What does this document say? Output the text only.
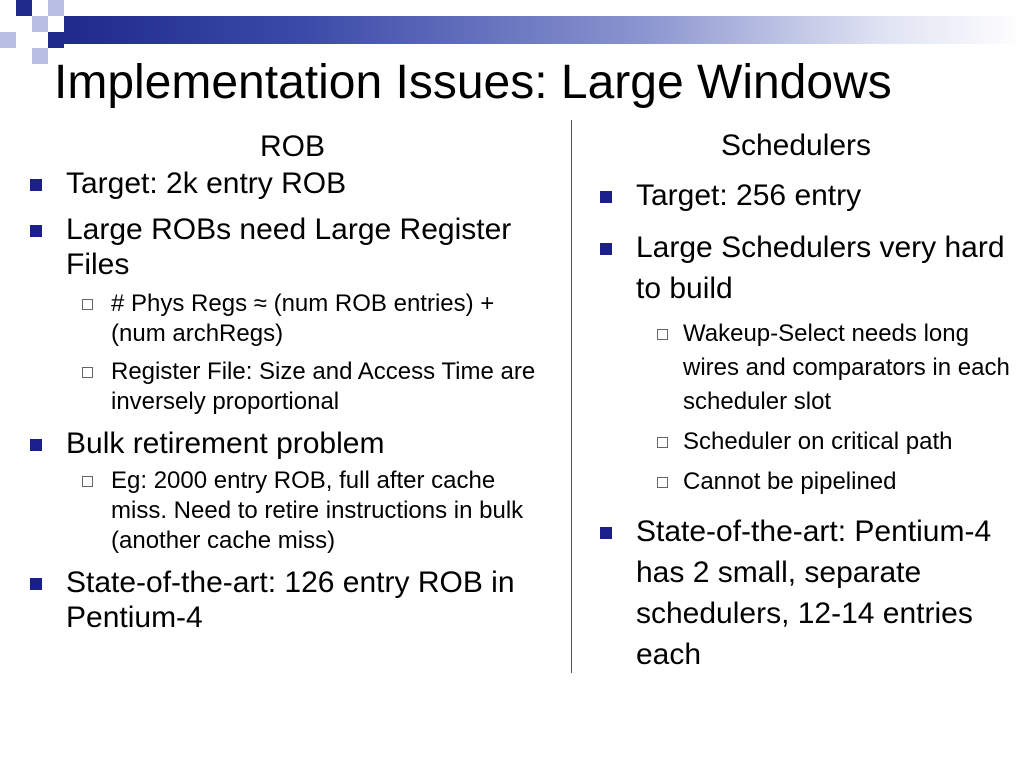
Implementation Issues: Large Windows
ROB
Target: 2k entry ROB
Large ROBs need Large Register Files
# Phys Regs ≈ (num ROB entries) + (num archRegs)
Register File: Size and Access Time are inversely proportional
Bulk retirement problem
Eg: 2000 entry ROB, full after cache miss. Need to retire instructions in bulk (another cache miss)
State-of-the-art: 126 entry ROB in Pentium-4
Schedulers
Target: 256 entry
Large Schedulers very hard to build
Wakeup-Select needs long wires and comparators in each scheduler slot
Scheduler on critical path
Cannot be pipelined
State-of-the-art: Pentium-4 has 2 small, separate schedulers, 12-14 entries each
